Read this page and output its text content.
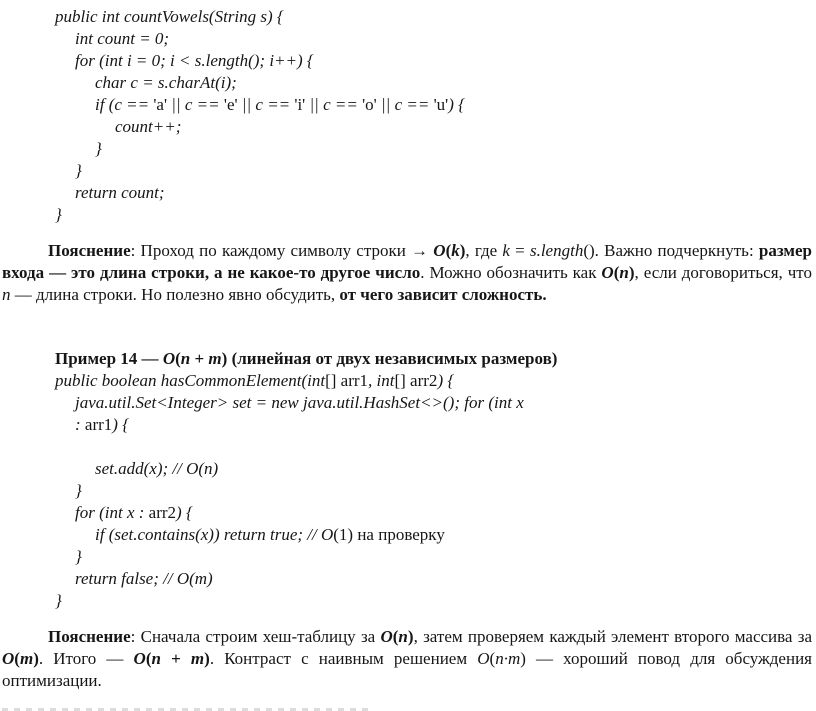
public int countVowels(String s) {
int count = 0;
for (int i = 0; i < s.length(); i++) {
char c = s.charAt(i);
if (c == 'a' || c == 'e' || c == 'i' || c == 'o' || c == 'u') {
count++;
}
}
return count;
}

Пояснение: Проход по каждому символу строки → O(k), где k = s.length(). Важно подчеркнуть: размер входа — это длина строки, а не какое-то другое число. Можно обозначить как O(n), если договориться, что n — длина строки. Но полезно явно обсудить, от чего зависит сложность.

Пример 14 — O(n + m) (линейная от двух независимых размеров)
public boolean hasCommonElement(int[] arr1, int[] arr2) {
java.util.Set<Integer> set = new java.util.HashSet<>(); for (int x
: arr1) {

set.add(x); // O(n)
}
for (int x : arr2) {
if (set.contains(x)) return true; // O(1) на проверку
}
return false; // O(m)
}

Пояснение: Сначала строим хеш-таблицу за O(n), затем проверяем каждый элемент второго массива за O(m). Итого — O(n + m). Контраст с наивным решением O(n·m) — хороший повод для обсуждения оптимизации.
